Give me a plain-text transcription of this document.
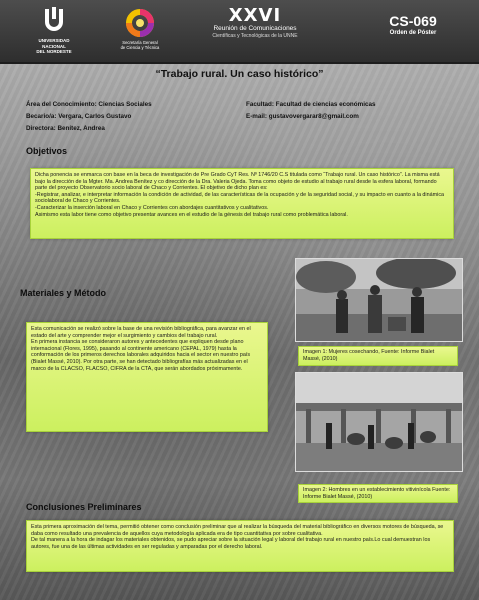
UNIVERSIDAD
NACIONAL
DEL NORDESTE
Secretaría General
de Ciencia y Técnica
XXVI
Reunión de Comunicaciones
Científicas y Tecnológicas de la UNNE
CS-069
Orden de Póster
“Trabajo rural. Un caso histórico”
Área del Conocimiento: Ciencias Sociales
Becario/a: Vergara, Carlos Gustavo
Directora: Benítez, Andrea
Facultad: Facultad de ciencias económicas
E-mail: gustavovergarar8@gmail.com
Objetivos

Dicha ponencia se enmarca con base en la beca de investigación de Pre Grado CyT Res. Nº 1746/20 C.S titulada como “Trabajo rural. Un caso histórico”. La misma está bajo la dirección de la Mgter. Ma. Andrea Benítez y co dirección de la Dra. Valeria Ojeda. Toma como objeto de estudio al trabajo rural desde la esfera laboral, formando parte del proyecto Observatorio socio laboral de Chaco y Corrientes. El objetivo de dicho plan es:

-Registrar, analizar, e interpretar información la condición de actividad, de las características de la ocupación y de la seguridad social, y su impacto en cuanto a la dinámica sociolaboral de Chaco y Corrientes.

-Caracterizar la inserción laboral en Chaco y Corrientes con abordajes cuantitativos y cualitativos.

Asimismo esta labor tiene como objetivo presentar avances en el estudio de la génesis del trabajo rural como problemática laboral.

Materiales y Método

Esta comunicación se realizó sobre la base de una revisión bibliográfica, para avanzar en el estado del arte y comprender mejor el surgimiento y cambios del trabajo rural.

En primera instancia se consideraron autores y antecedentes que expliquen desde plano internacional (Flores, 1995), pasando al continente americano (CEPAL, 1979) hasta la conformación de los primeros derechos laborales adquiridos hacia el sector en nuestro país (Bialet Massé, 2010). Por otra parte, se han detectado bibliografías más actualizadas en el marco de la CLACSO, FLACSO, CIFRA de la CTA, que serán abordados próximamente.

Imagen 1: Mujeres cosechando, Fuente: Informe Bialet Massé, (2010)
Imagen 2: Hombres en un establecimiento vitivinícola Fuente: Informe Bialet Massé, (2010)
Conclusiones Preliminares

Esta primera aproximación del tema, permitió obtener como conclusión preliminar que al realizar la búsqueda del material bibliográfico en diversos motores de búsqueda, se daba como resultado una prevalencia de aquellos cuya metodología aplicada era de tipo cuantitativa por sobre cualitativa.

De tal manera a la hora de indagar los materiales obtenidos, se pudo apreciar sobre la situación legal y laboral del trabajo rural en nuestro país.Lo cual demuestran los autores, fue una de las últimas actividades en ser reguladas y amparadas por el derecho laboral.
